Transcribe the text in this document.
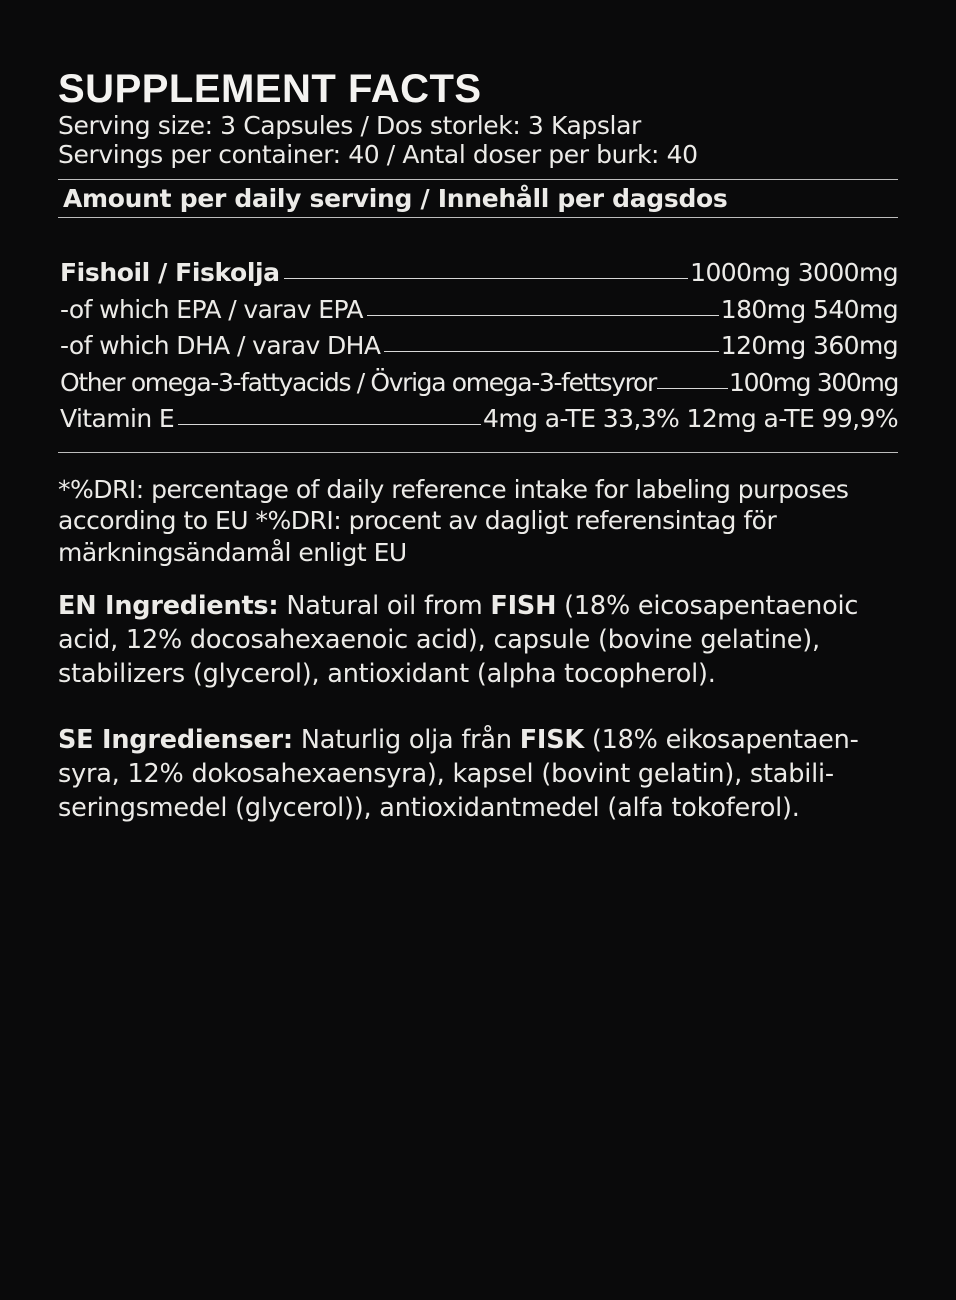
SUPPLEMENT FACTS
Serving size: 3 Capsules / Dos storlek: 3 Kapslar
Servings per container: 40 / Antal doser per burk: 40
Amount per daily serving / Innehåll per dagsdos
Fishoil / Fiskolja	1000mg 3000mg
-of which EPA / varav EPA	180mg 540mg
-of which DHA / varav DHA	120mg 360mg
Other omega-3-fattyacids / Övriga omega-3-fettsyror	100mg 300mg
Vitamin E	4mg a-TE 33,3% 12mg a-TE 99,9%
*%DRI: percentage of daily reference intake for labeling purposes according to EU *%DRI: procent av dagligt referensintag för märkningsändamål enligt EU
EN Ingredients: Natural oil from FISH (18% eicosapentaenoic acid, 12% docosahexaenoic acid), capsule (bovine gelatine), stabilizers (glycerol), antioxidant (alpha tocopherol).
SE Ingredienser: Naturlig olja från FISK (18% eikosapentaen-syra, 12% dokosahexaensyra), kapsel (bovint gelatin), stabili-seringsmedel (glycerol)), antioxidantmedel (alfa tokoferol).
